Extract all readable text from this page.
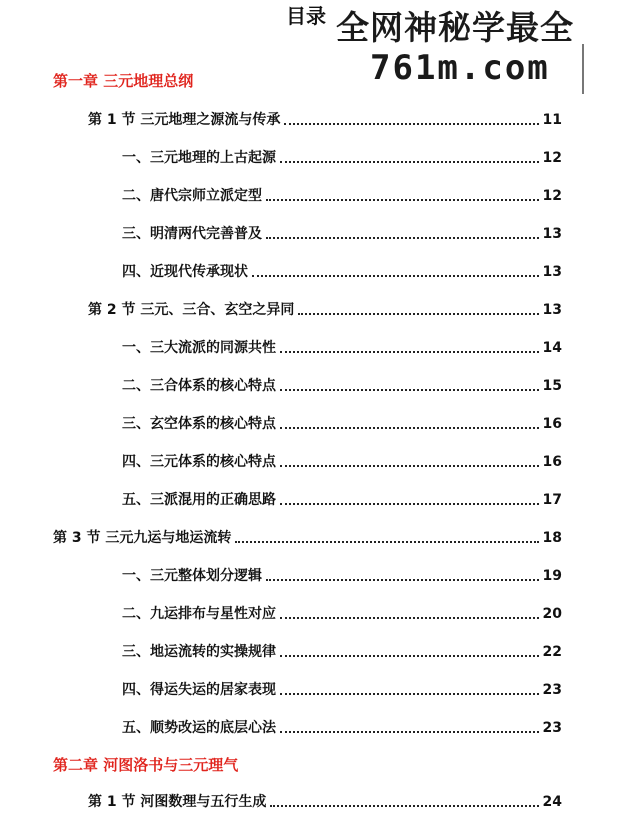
目录 全网神秘学最全
761m.com
第一章 三元地理总纲
第 1 节 三元地理之源流与传承	11
一、三元地理的上古起源	12
二、唐代宗师立派定型	12
三、明清两代完善普及	13
四、近现代传承现状	13
第 2 节 三元、三合、玄空之异同	13
一、三大流派的同源共性	14
二、三合体系的核心特点	15
三、玄空体系的核心特点	16
四、三元体系的核心特点	16
五、三派混用的正确思路	17
第 3 节 三元九运与地运流转	18
一、三元整体划分逻辑	19
二、九运排布与星性对应	20
三、地运流转的实操规律	22
四、得运失运的居家表现	23
五、顺势改运的底层心法	23
第二章 河图洛书与三元理气
第 1 节 河图数理与五行生成	24
